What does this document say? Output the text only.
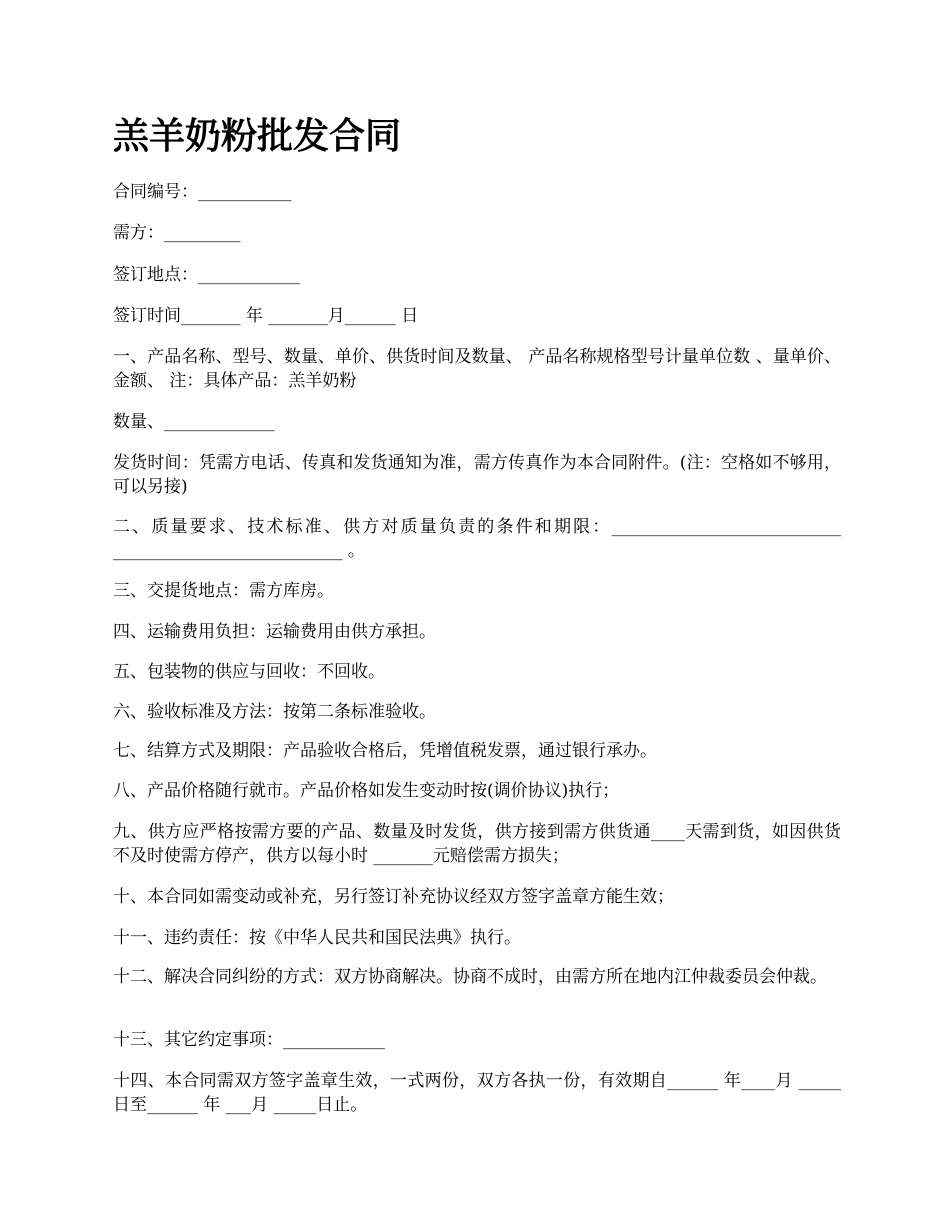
羔羊奶粉批发合同

合同编号：___________

需方：_________

签订地点：____________

签订时间_______ 年 _______月______ 日

一、产品名称、型号、数量、单价、供货时间及数量、 产品名称规格型号计量单位数 、量单价、金额、 注：具体产品：羔羊奶粉

数量、_____________

发货时间：凭需方电话、传真和发货通知为准，需方传真作为本合同附件。(注：空格如不够用，可以另接)

二、质量要求、技术标准、供方对质量负责的条件和期限：___________________________ ___________________________ 。

三、交提货地点：需方库房。

四、运输费用负担：运输费用由供方承担。

五、包装物的供应与回收：不回收。

六、验收标准及方法：按第二条标准验收。

七、结算方式及期限：产品验收合格后，凭增值税发票，通过银行承办。

八、产品价格随行就市。产品价格如发生变动时按(调价协议)执行；

九、供方应严格按需方要的产品、数量及时发货，供方接到需方供货通____天需到货，如因供货不及时使需方停产，供方以每小时 _______元赔偿需方损失；

十、本合同如需变动或补充，另行签订补充协议经双方签字盖章方能生效；

十一、违约责任：按《中华人民共和国民法典》执行。

十二、解决合同纠纷的方式：双方协商解决。协商不成时，由需方所在地内江仲裁委员会仲裁。

十三、其它约定事项：____________

十四、本合同需双方签字盖章生效，一式两份，双方各执一份，有效期自______ 年____月 _____日至______ 年 ___月 _____日止。
